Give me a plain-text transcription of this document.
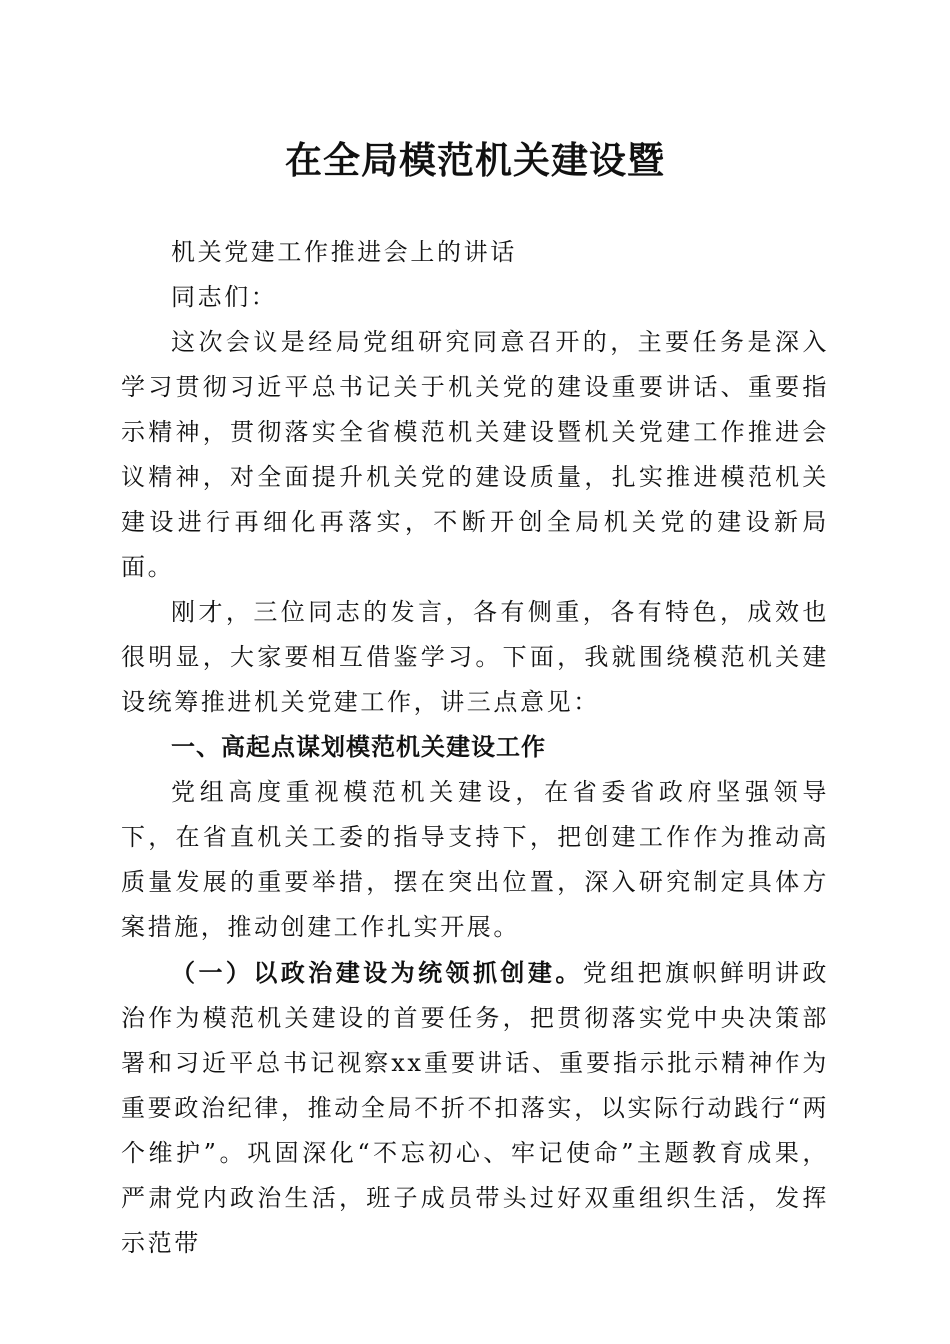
在全局模范机关建设暨

机关党建工作推进会上的讲话

同志们：

这次会议是经局党组研究同意召开的，主要任务是深入学习贯彻习近平总书记关于机关党的建设重要讲话、重要指示精神，贯彻落实全省模范机关建设暨机关党建工作推进会议精神，对全面提升机关党的建设质量，扎实推进模范机关建设进行再细化再落实，不断开创全局机关党的建设新局面。

刚才，三位同志的发言，各有侧重，各有特色，成效也很明显，大家要相互借鉴学习。下面，我就围绕模范机关建设统筹推进机关党建工作，讲三点意见：

一、高起点谋划模范机关建设工作

党组高度重视模范机关建设，在省委省政府坚强领导下，在省直机关工委的指导支持下，把创建工作作为推动高质量发展的重要举措，摆在突出位置，深入研究制定具体方案措施，推动创建工作扎实开展。

（一）以政治建设为统领抓创建。党组把旗帜鲜明讲政治作为模范机关建设的首要任务，把贯彻落实党中央决策部署和习近平总书记视察xx重要讲话、重要指示批示精神作为重要政治纪律，推动全局不折不扣落实，以实际行动践行“两个维护”。巩固深化“不忘初心、牢记使命”主题教育成果，严肃党内政治生活，班子成员带头过好双重组织生活，发挥示范带
